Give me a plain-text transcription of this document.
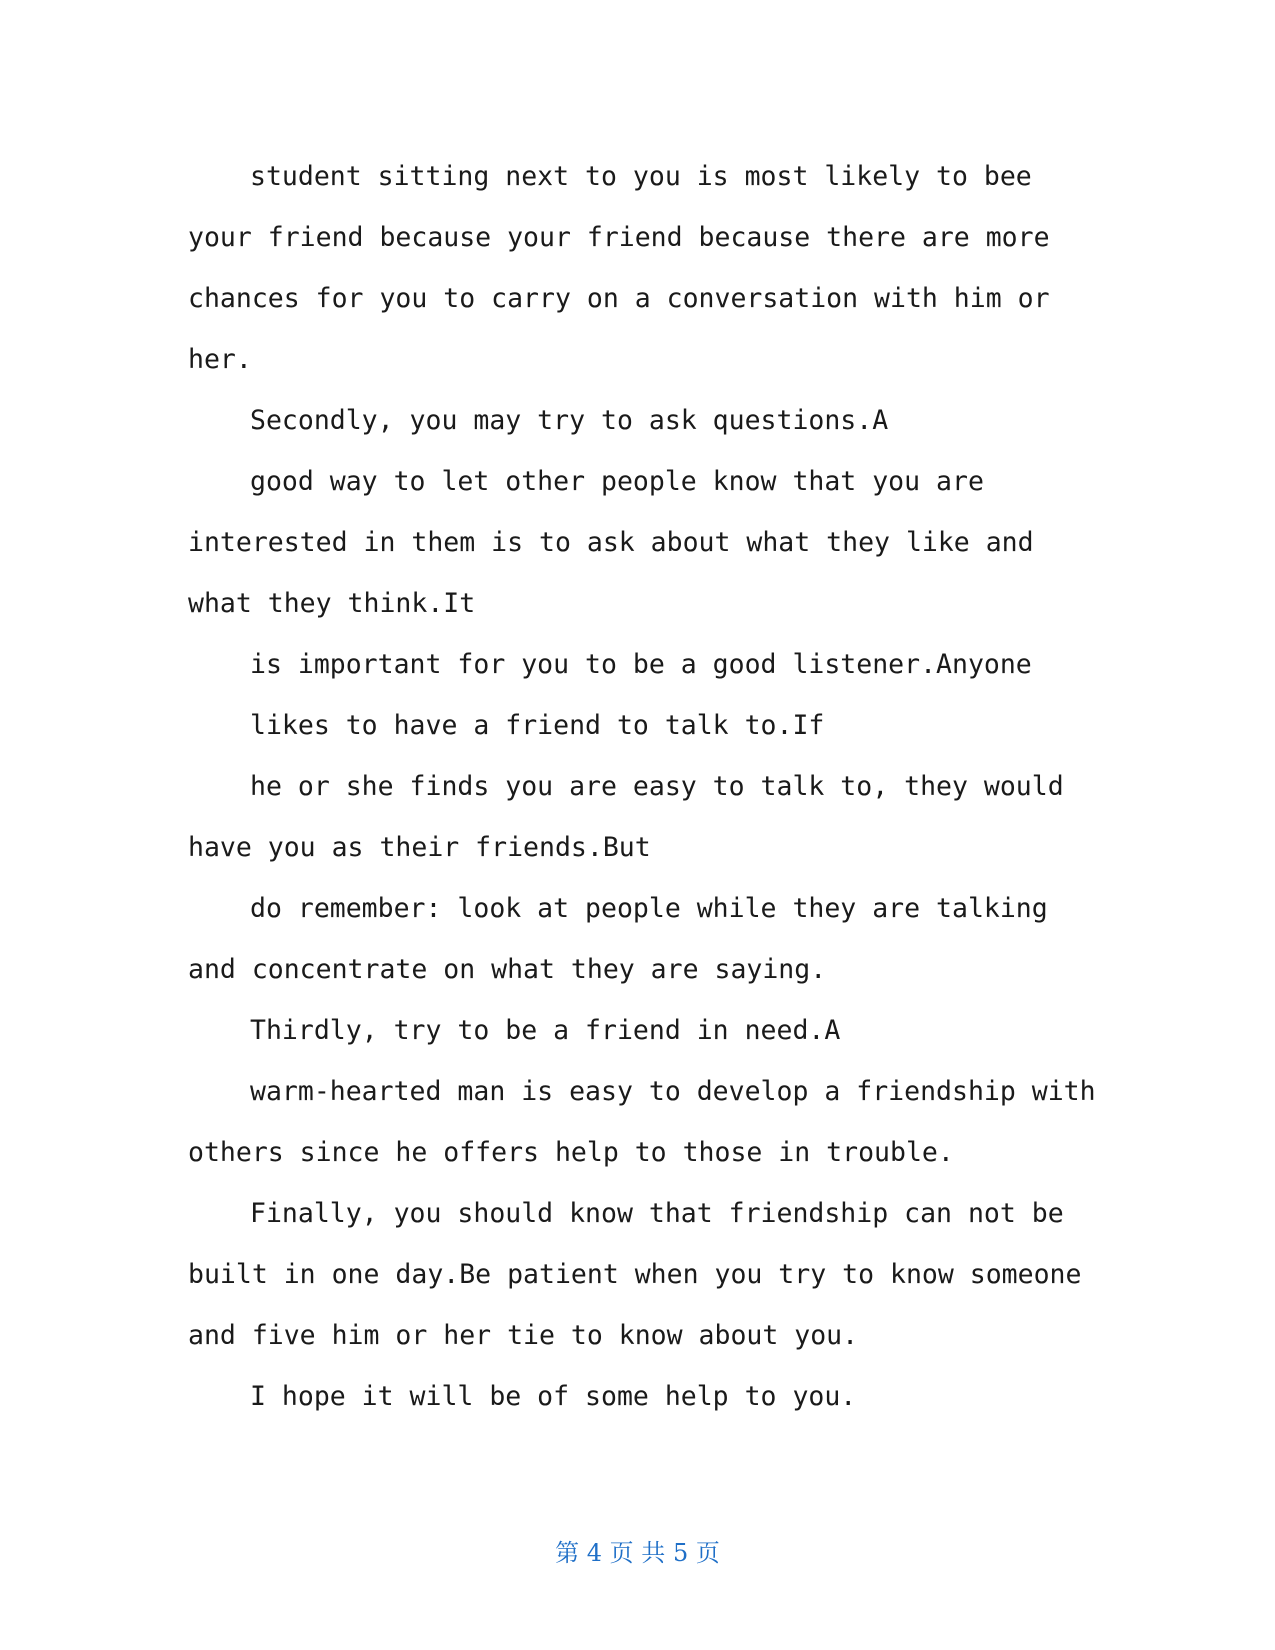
student sitting next to you is most likely to bee

your friend because your friend because there are more

chances for you to carry on a conversation with him or

her.

Secondly, you may try to ask questions.A

good way to let other people know that you are

interested in them is to ask about what they like and

what they think.It

is important for you to be a good listener.Anyone

likes to have a friend to talk to.If

he or she finds you are easy to talk to, they would

have you as their friends.But

do remember: look at people while they are talking

and concentrate on what they are saying.

Thirdly, try to be a friend in need.A

warm-hearted man is easy to develop a friendship with

others since he offers help to those in trouble.

Finally, you should know that friendship can not be

built in one day.Be patient when you try to know someone

and five him or her tie to know about you.

I hope it will be of some help to you.

第 4 页 共 5 页
